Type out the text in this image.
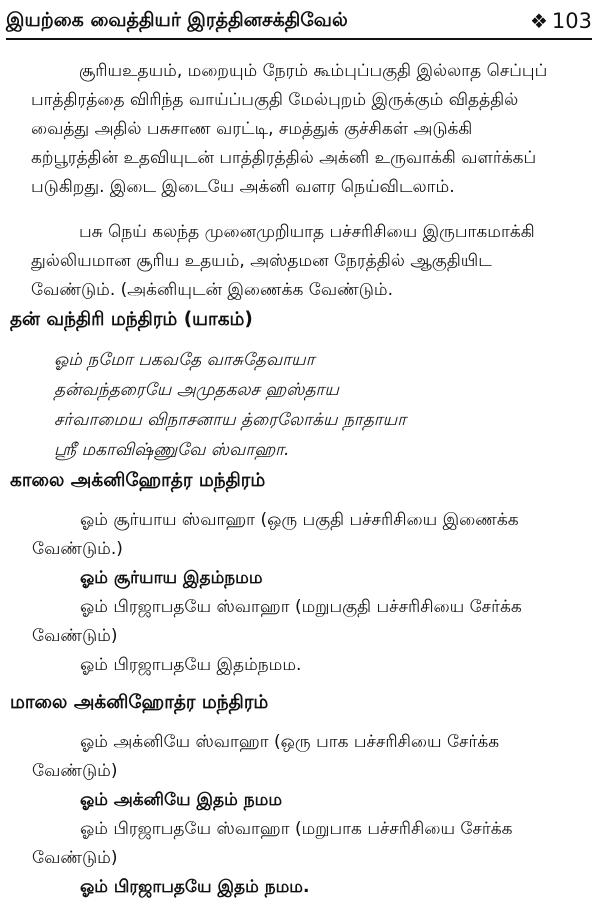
இயற்கை வைத்தியர் இரத்தினசக்திவேல்	❖ 103
சூரியஉதயம், மறையும் நேரம் கூம்புப்பகுதி இல்லாத செப்புப்
பாத்திரத்தை விரிந்த வாய்ப்பகுதி மேல்புறம் இருக்கும் விதத்தில்
வைத்து அதில் பசுசாண வரட்டி, சமத்துக் குச்சிகள் அடுக்கி
கற்பூரத்தின் உதவியுடன் பாத்திரத்தில் அக்னி உருவாக்கி வளர்க்கப்
படுகிறது. இடை இடையே அக்னி வளர நெய்விடலாம்.
பசு நெய் கலந்த முனைமுறியாத பச்சரிசியை இருபாகமாக்கி
துல்லியமான சூரிய உதயம், அஸ்தமன நேரத்தில் ஆகுதியிட
வேண்டும். (அக்னியுடன் இணைக்க வேண்டும்.
தன் வந்திரி மந்திரம் (யாகம்)
ஓம் நமோ பகவதே வாசுதேவாயா
தன்வந்தரையே அமுதகலச ஹஸ்தாய
சர்வாமைய விநாசனாய த்ரைலோக்ய நாதாயா
ஸ்ரீ மகாவிஷ்ணுவே ஸ்வாஹா.
காலை அக்னிஹோத்ர மந்திரம்
ஓம் சூர்யாய ஸ்வாஹா (ஒரு பகுதி பச்சரிசியை இணைக்க
வேண்டும்.)
ஓம் சூர்யாய இதம்நமம
ஓம் பிரஜாபதயே ஸ்வாஹா (மறுபகுதி பச்சரிசியை சேர்க்க
வேண்டும்)
ஓம் பிரஜாபதயே இதம்நமம.
மாலை அக்னிஹோத்ர மந்திரம்
ஓம் அக்னியே ஸ்வாஹா (ஒரு பாக பச்சரிசியை சேர்க்க
வேண்டும்)
ஓம் அக்னியே இதம் நமம
ஓம் பிரஜாபதயே ஸ்வாஹா (மறுபாக பச்சரிசியை சேர்க்க
வேண்டும்)
ஓம் பிரஜாபதயே இதம் நமம.
